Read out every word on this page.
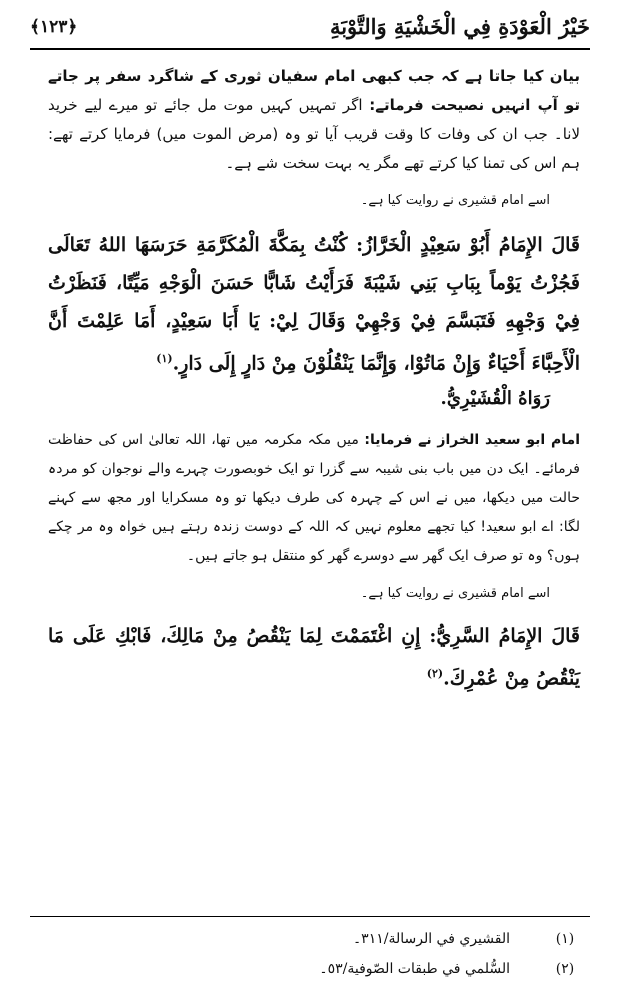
خَيْرُ الْعَوْدَةِ فِي الْخَشْيَةِ وَالتَّوْبَةِ
﴿۱۲۳﴾

بیان کیا جاتا ہے کہ جب کبھی امام سفیان ثوری کے شاگرد سفر پر جاتے تو آپ انہیں نصیحت فرماتے: اگر تمہیں کہیں موت مل جائے تو میرے لیے خرید لانا۔ جب ان کی وفات کا وقت قریب آیا تو وہ (مرض الموت میں) فرمایا کرتے تھے: ہم اس کی تمنا کیا کرتے تھے مگر یہ بہت سخت شے ہے۔

اسے امام قشیری نے روایت کیا ہے۔

قَالَ الإِمَامُ أَبُوْ سَعِيْدٍ الْخَرَّازُ: كُنْتُ بِمَكَّةَ الْمُكَرَّمَةِ حَرَسَهَا اللهُ تَعَالَى فَجُزْتُ يَوْماً بِبَابِ بَنِي شَيْبَةَ فَرَأَيْتُ شَابًّا حَسَنَ الْوَجْهِ مَيِّتًا، فَنَظَرْتُ فِيْ وَجْهِهِ فَتَبَسَّمَ فِيْ وَجْهِيْ وَقَالَ لِيْ: يَا أَبَا سَعِيْدٍ، أَمَا عَلِمْتَ أَنَّ الْأَحِبَّاءَ أَحْيَاءٌ وَإِنْ مَاتُوْا، وَإِنَّمَا يَنْقُلُوْنَ مِنْ دَارٍ إِلَى دَارٍ.$^{(۱)}$

رَوَاهُ الْقُشَيْرِيُّ.

امام ابو سعید الخراز نے فرمایا: میں مکہ مکرمہ میں تھا، اللہ تعالیٰ اس کی حفاظت فرمائے۔ ایک دن میں باب بنی شیبہ سے گزرا تو ایک خوبصورت چہرے والے نوجوان کو مردہ حالت میں دیکھا، میں نے اس کے چہرہ کی طرف دیکھا تو وہ مسکرایا اور مجھ سے کہنے لگا: اے ابو سعید! کیا تجھے معلوم نہیں کہ اللہ کے دوست زندہ رہتے ہیں خواہ وہ مر چکے ہوں؟ وہ تو صرف ایک گھر سے دوسرے گھر کو منتقل ہو جاتے ہیں۔

اسے امام قشیری نے روایت کیا ہے۔

قَالَ الإِمَامُ السَّرِيُّ: إِنِ اغْتَمَمْتَ لِمَا يَنْقُصُ مِنْ مَالِكَ، فَابْكِ عَلَى مَا يَنْقُصُ مِنْ عُمْرِكَ.$^{(۲)}$

(۱)
القشيري في الرسالة/٣١١۔
(۲)
السُّلمي في طبقات الصّوفية/٥٣۔
